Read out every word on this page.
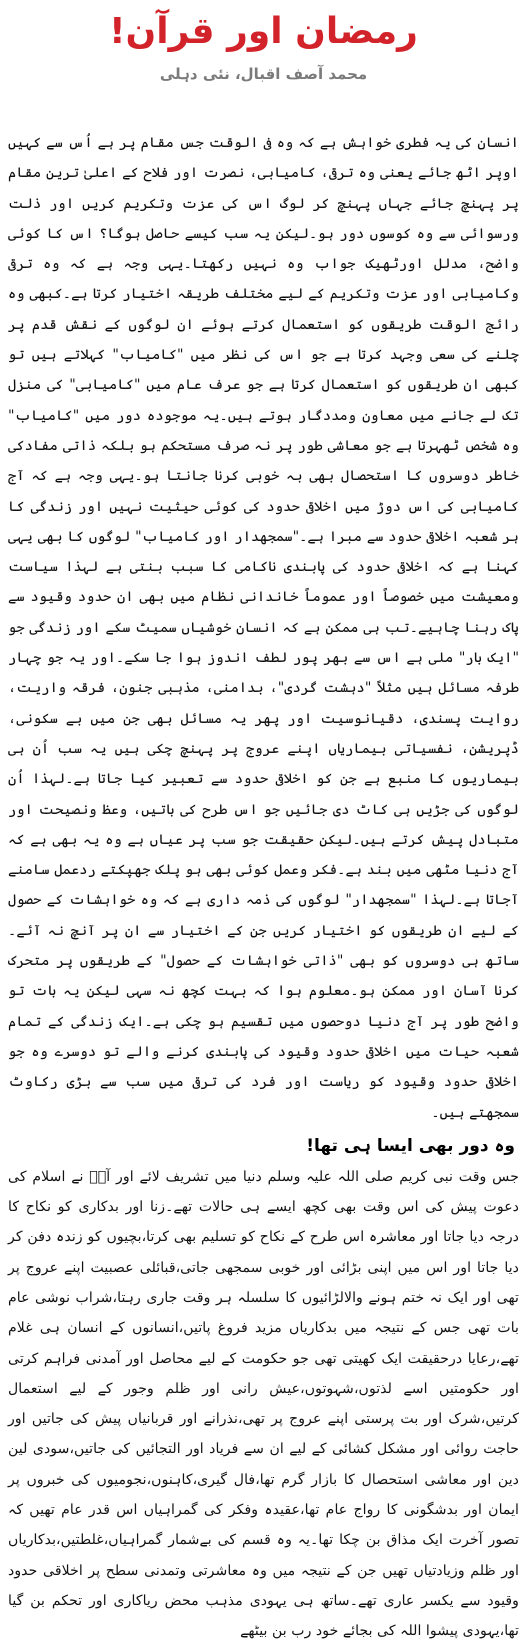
رمضان اور قرآن!
محمد آصف اقبال، نئی دہلی

انسان کی یہ فطری خواہش ہے کہ وہ فی الوقت جس مقام پر ہے اُس سے کہیں اوپر اٹھ جائے یعنی وہ ترقی، کامیابی، نصرت اور فلاح کے اعلیٰ ترین مقام پر پہنچ جائے جہاں پہنچ کر لوگ اس کی عزت وتکریم کریں اور ذلت ورسوائی سے وہ کوسوں دور ہو۔لیکن یہ سب کیسے حاصل ہوگا؟ اس کا کوئی واضح، مدلل اورٹھیک جواب وہ نہیں رکھتا۔یہی وجہ ہے کہ وہ ترقی وکامیابی اور عزت وتکریم کے لیے مختلف طریقہ اختیار کرتا ہے۔کبھی وہ رائج الوقت طریقوں کو استعمال کرتے ہوئے ان لوگوں کے نقش قدم پر چلنے کی سعی وجہد کرتا ہے جو اس کی نظر میں "کامیاب" کہلاتے ہیں تو کبھی ان طریقوں کو استعمال کرتا ہے جو عرف عام میں "کامیابی" کی منزل تک لے جانے میں معاون ومددگار ہوتے ہیں۔یہ موجودہ دور میں "کامیاب" وہ شخص ٹھہرتا ہے جو معاشی طور پر نہ صرف مستحکم ہو بلکہ ذاتی مفادکی خاطر دوسروں کا استحصال بھی بہ خوبی کرنا جانتا ہو۔یہی وجہ ہے کہ آج کامیابی کی اس دوڑ میں اخلاقی حدود کی کوئی حیثیت نہیں اور زندگی کا ہر شعبہ اخلاقی حدود سے مبرا ہے۔"سمجھدار اور کامیاب" لوگوں کا بھی یہی کہنا ہے کہ اخلاقی حدود کی پابندی ناکامی کا سبب بنتی ہے لہذا سیاست ومعیشت میں خصوصاً اور عموماً خاندانی نظام میں بھی ان حدود وقیود سے پاک رہنا چاہیے۔تب ہی ممکن ہے کہ انسان خوشیاں سمیٹ سکے اور زندگی جو "ایک بار" ملی ہے اس سے بھر پور لطف اندوز ہوا جا سکے۔اور یہ جو چہار طرفہ مسائل ہیں مثلاً "دہشت گردی"، بدامنی، مذہبی جنون، فرقہ واریت، روایت پسندی، دقیانوسیت اور پھر یہ مسائل بھی جن میں بے سکونی، ڈپریشن، نفسیاتی بیماریاں اپنے عروج پر پہنچ چکی ہیں یہ سب اُن ہی بیماریوں کا منبع ہے جن کو اخلاقی حدود سے تعبیر کیا جاتا ہے۔لہذا اُن لوگوں کی جڑیں ہی کاٹ دی جائیں جو اس طرح کی باتیں، وعظ ونصیحت اور متبادل پیش کرتے ہیں۔لیکن حقیقت جو سب پر عیاں ہے وہ یہ بھی ہے کہ آج دنیا مٹھی میں بند ہے۔فکر وعمل کوئی بھی ہو پلک جھپکتے ردعمل سامنے آجاتا ہے۔لہذا "سمجھدار" لوگوں کی ذمہ داری ہے کہ وہ خواہشات کے حصول کے لیے ان طریقوں کو اختیار کریں جن کے اختیار سے ان پر آنچ نہ آئے۔ساتھ ہی دوسروں کو بھی "ذاتی خواہشات کے حصول" کے طریقوں پر متحرک کرنا آسان اور ممکن ہو۔معلوم ہوا کہ بہت کچھ نہ سہی لیکن یہ بات تو واضح طور پر آج دنیا دوحصوں میں تقسیم ہو چکی ہے۔ایک زندگی کے تمام شعبہ حیات میں اخلاقی حدود وقیود کی پابندی کرنے والے تو دوسرے وہ جو اخلاقی حدود وقیود کو ریاست اور فرد کی ترقی میں سب سے بڑی رکاوٹ سمجھتے ہیں۔

وہ دور بھی ایسا ہی تھا!

جس وقت نبی کریم صلی اللہ علیہ وسلم دنیا میں تشریف لائے اور آپؐ نے اسلام کی دعوت پیش کی اس وقت بھی کچھ ایسے ہی حالات تھے۔زنا اور بدکاری کو نکاح کا درجہ دیا جاتا اور معاشرہ اس طرح کے نکاح کو تسلیم بھی کرتا،بچیوں کو زندہ دفن کر دیا جاتا اور اس میں اپنی بڑائی اور خوبی سمجھی جاتی،قبائلی عصبیت اپنے عروج پر تھی اور ایک نہ ختم ہونے والالڑائیوں کا سلسلہ ہر وقت جاری رہتا،شراب نوشی عام بات تھی جس کے نتیجہ میں بدکاریاں مزید فروغ پاتیں،انسانوں کے انسان ہی غلام تھے،رعایا درحقیقت ایک کھیتی تھی جو حکومت کے لیے محاصل اور آمدنی فراہم کرتی اور حکومتیں اسے لذتوں،شہوتوں،عیش رانی اور ظلم وجور کے لیے استعمال کرتیں،شرک اور بت پرستی اپنے عروج پر تھی،نذرانے اور قربانیاں پیش کی جاتیں اور حاجت روائی اور مشکل کشائی کے لیے ان سے فریاد اور التجائیں کی جاتیں،سودی لین دین اور معاشی استحصال کا بازار گرم تھا،فال گیری،کاہنوں،نجومیوں کی خبروں پر ایمان اور بدشگونی کا رواج عام تھا،عقیدہ وفکر کی گمراہیاں اس قدر عام تھیں کہ تصور آخرت ایک مذاق بن چکا تھا۔یہ وہ قسم کی بےشمار گمراہیاں،غلطتیں،بدکاریاں اور ظلم وزیادتیاں تھیں جن کے نتیجہ میں وہ معاشرتی وتمدنی سطح پر اخلاقی حدود وقیود سے یکسر عاری تھے۔ساتھ ہی یہودی مذہب محض ریاکاری اور تحکم بن گیا تھا،یہودی پیشوا اللہ کی بجائے خود رب بن بیٹھے
